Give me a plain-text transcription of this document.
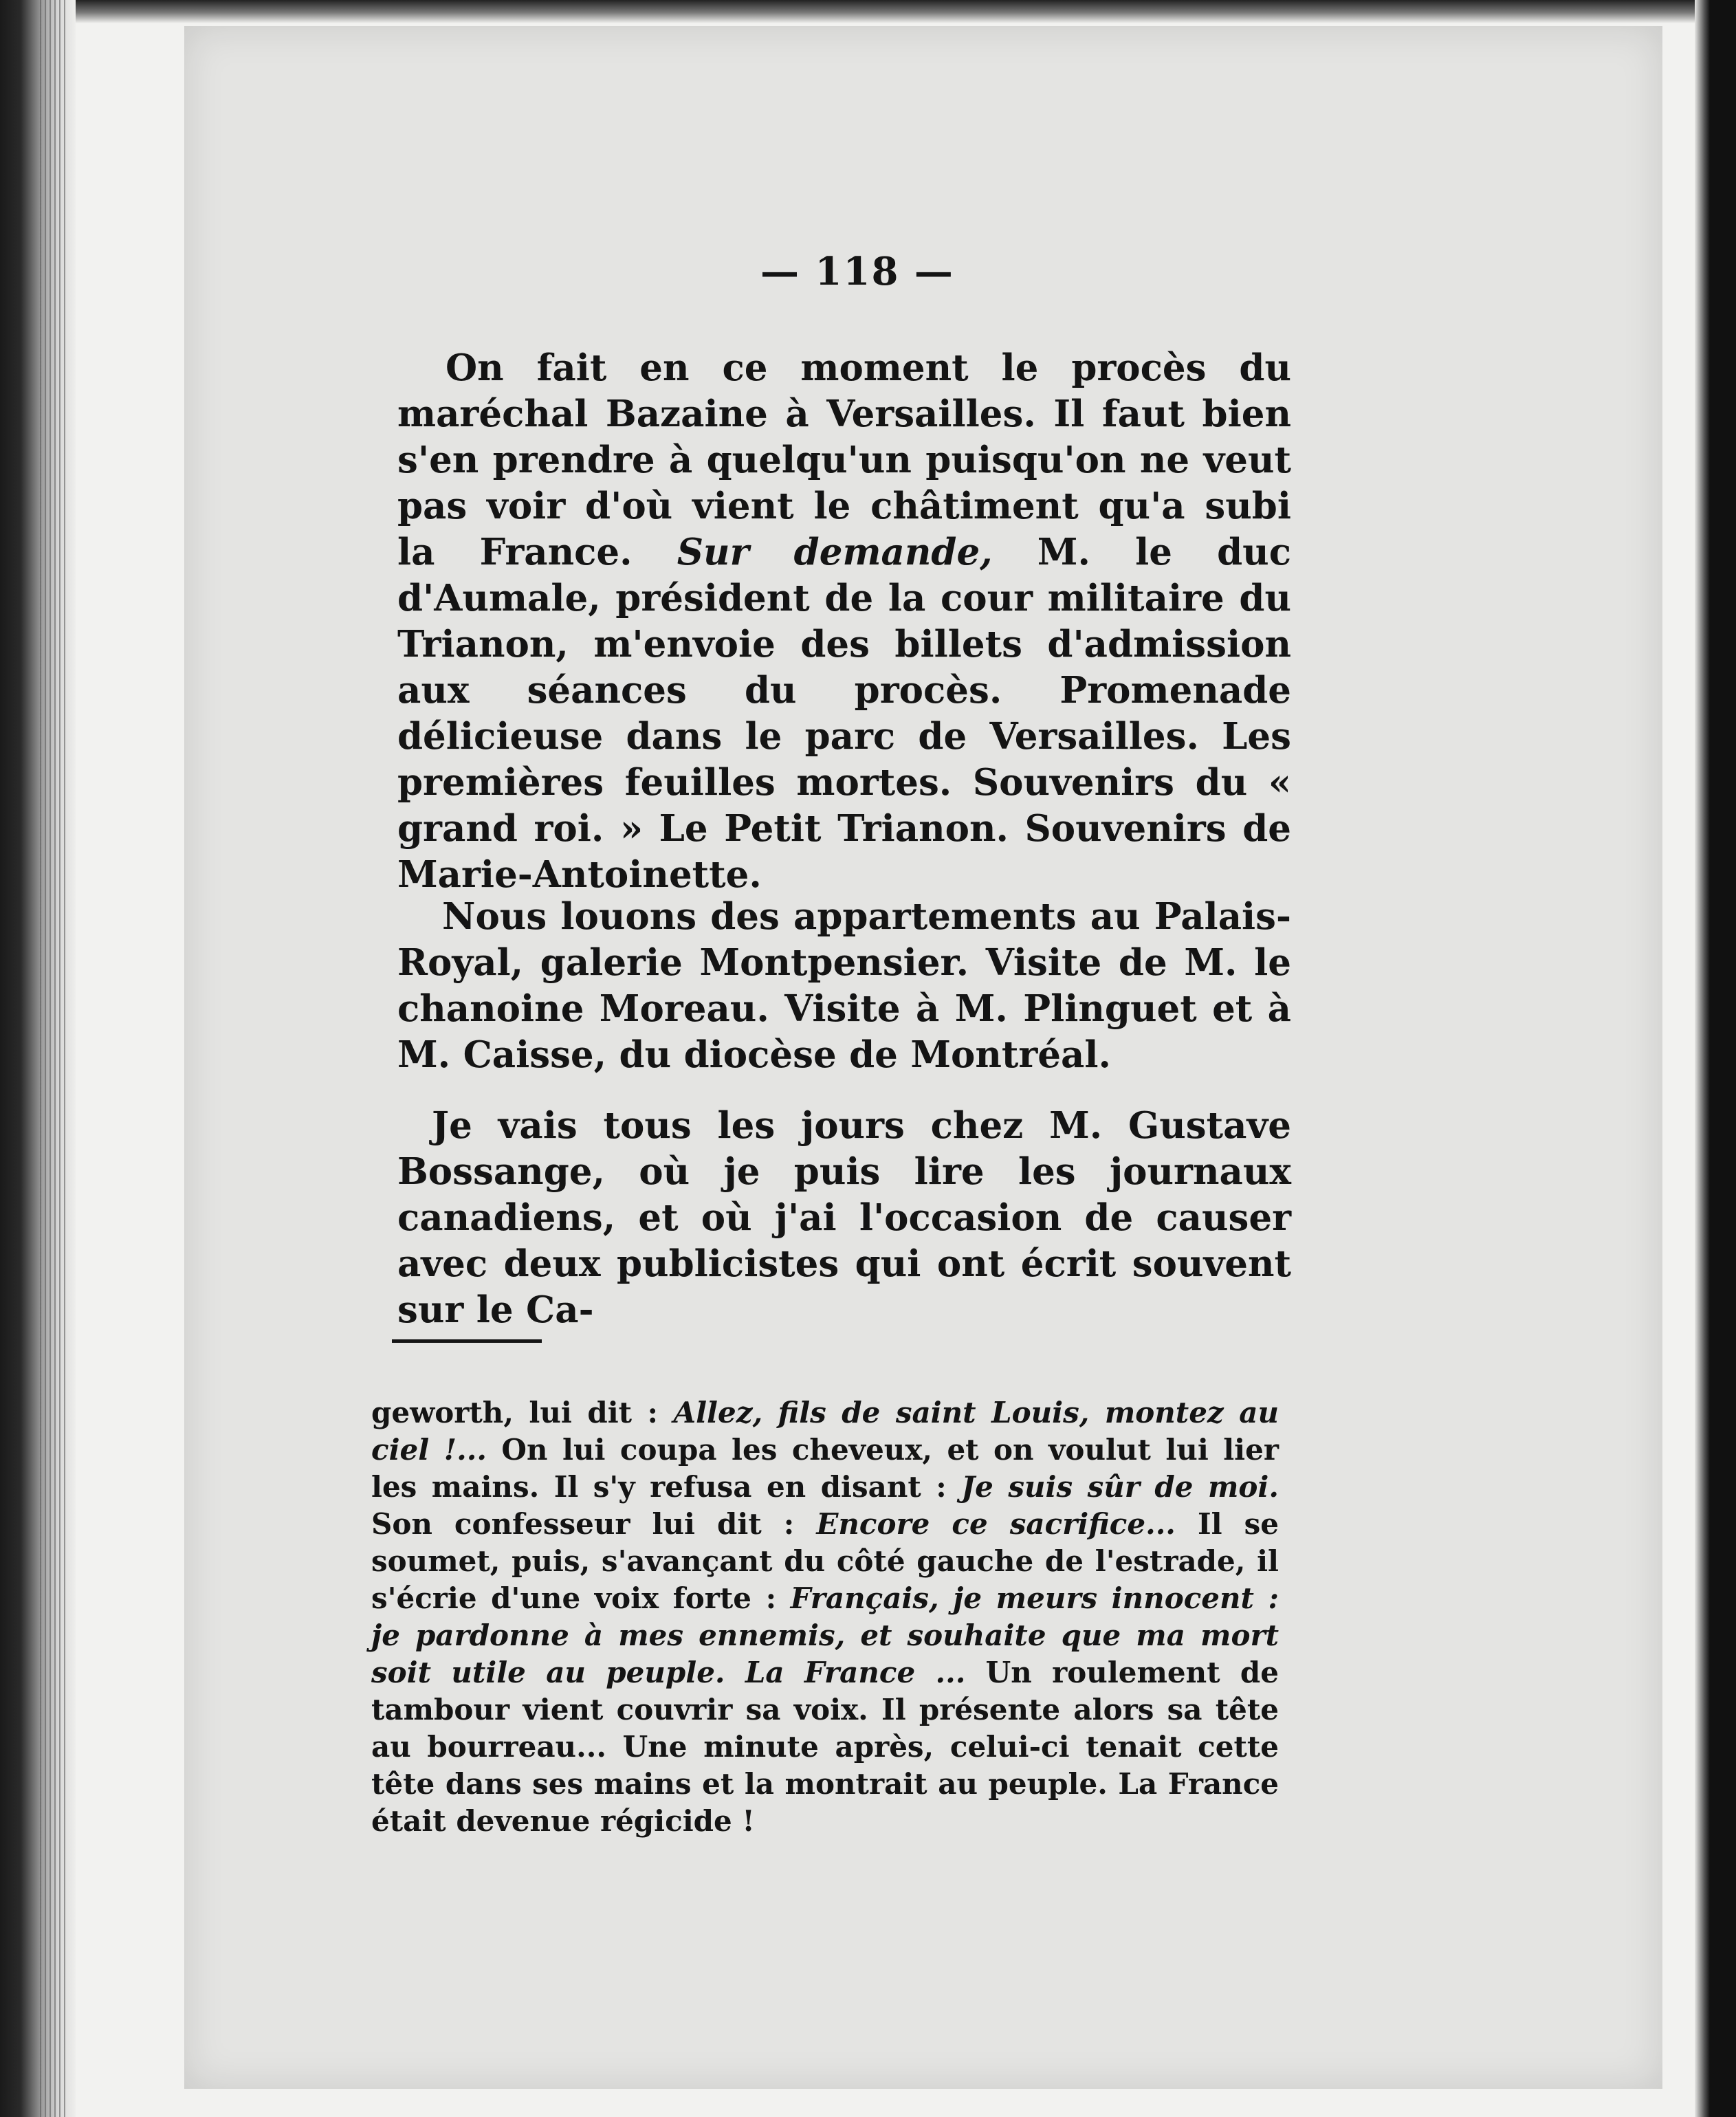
— 118 —

On fait en ce moment le procès du maréchal Bazaine à Versailles. Il faut bien s'en prendre à quelqu'un puisqu'on ne veut pas voir d'où vient le châtiment qu'a subi la France. Sur demande, M. le duc d'Aumale, président de la cour militaire du Trianon, m'envoie des billets d'admission aux séances du procès. Promenade délicieuse dans le parc de Versailles. Les premières feuilles mortes. Souvenirs du « grand roi. » Le Petit Trianon. Souvenirs de Marie-Antoinette.

Nous louons des appartements au Palais-Royal, galerie Montpensier. Visite de M. le chanoine Moreau. Visite à M. Plinguet et à M. Caisse, du diocèse de Montréal.

Je vais tous les jours chez M. Gustave Bossange, où je puis lire les journaux canadiens, et où j'ai l'occasion de causer avec deux publicistes qui ont écrit souvent sur le Ca-

geworth, lui dit : Allez, fils de saint Louis, montez au ciel !... On lui coupa les cheveux, et on voulut lui lier les mains. Il s'y refusa en disant : Je suis sûr de moi. Son confesseur lui dit : Encore ce sacrifice... Il se soumet, puis, s'avançant du côté gauche de l'estrade, il s'écrie d'une voix forte : Français, je meurs innocent : je pardonne à mes ennemis, et souhaite que ma mort soit utile au peuple. La France ... Un roulement de tambour vient couvrir sa voix. Il présente alors sa tête au bourreau... Une minute après, celui-ci tenait cette tête dans ses mains et la montrait au peuple. La France était devenue régicide !
